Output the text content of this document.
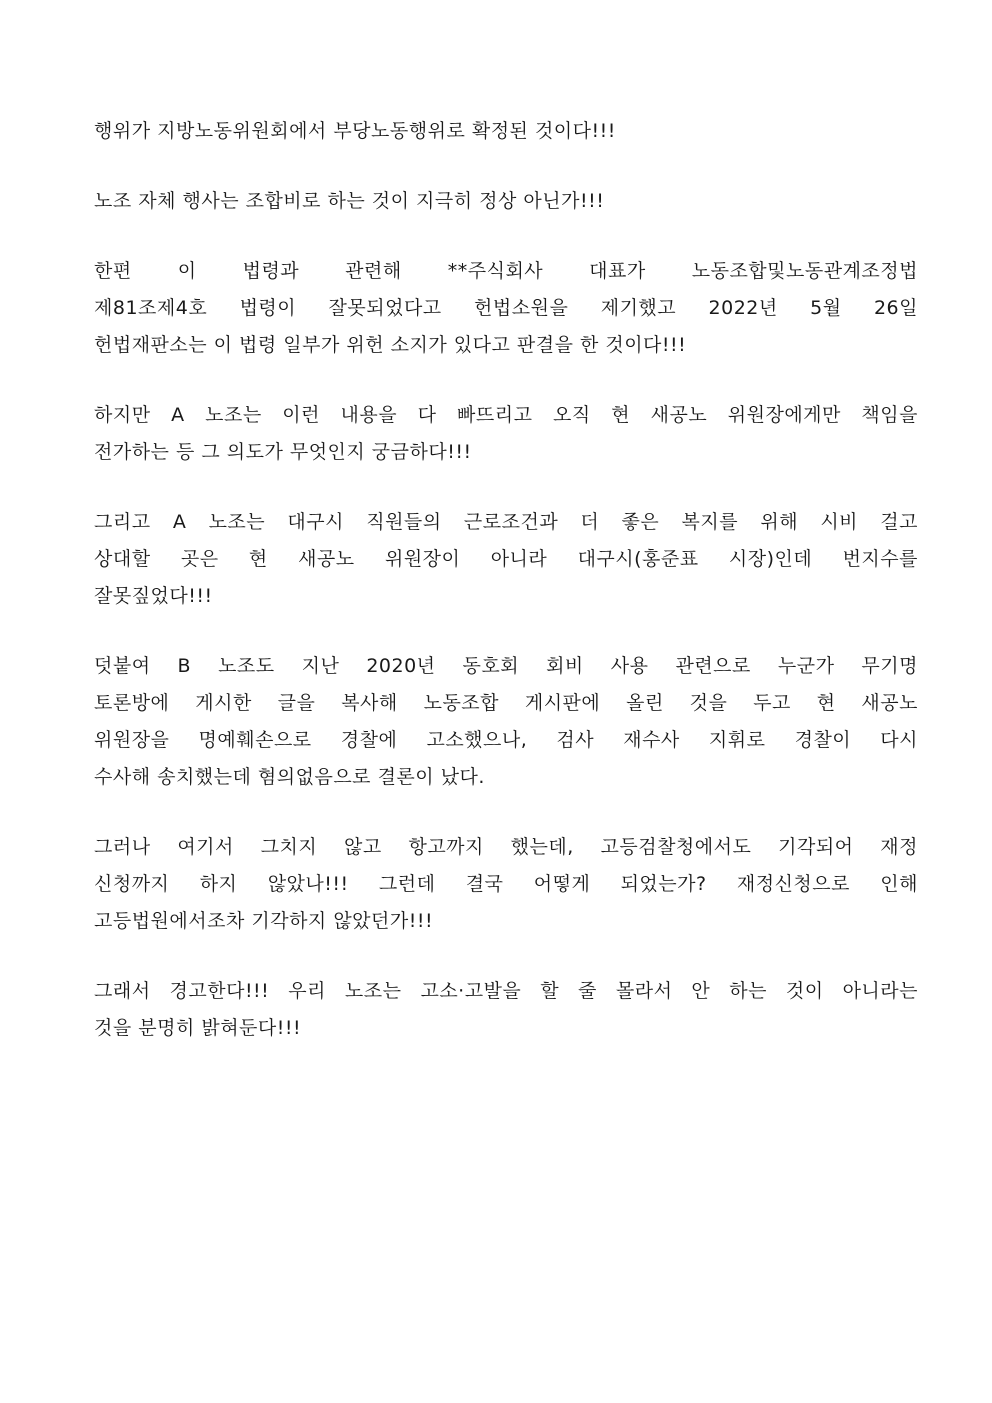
행위가 지방노동위원회에서 부당노동행위로 확정된 것이다!!!

노조 자체 행사는 조합비로 하는 것이 지극히 정상 아닌가!!!

한편 이 법령과 관련해 **주식회사 대표가 노동조합및노동관계조정법
제81조제4호 법령이 잘못되었다고 헌법소원을 제기했고 2022년 5월 26일
헌법재판소는 이 법령 일부가 위헌 소지가 있다고 판결을 한 것이다!!!

하지만 A 노조는 이런 내용을 다 빠뜨리고 오직 현 새공노 위원장에게만 책임을
전가하는 등 그 의도가 무엇인지 궁금하다!!!

그리고 A 노조는 대구시 직원들의 근로조건과 더 좋은 복지를 위해 시비 걸고
상대할 곳은 현 새공노 위원장이 아니라 대구시(홍준표 시장)인데 번지수를
잘못짚었다!!!

덧붙여 B 노조도 지난 2020년 동호회 회비 사용 관련으로 누군가 무기명
토론방에 게시한 글을 복사해 노동조합 게시판에 올린 것을 두고 현 새공노
위원장을 명예훼손으로 경찰에 고소했으나, 검사 재수사 지휘로 경찰이 다시
수사해 송치했는데 혐의없음으로 결론이 났다.

그러나 여기서 그치지 않고 항고까지 했는데, 고등검찰청에서도 기각되어 재정
신청까지 하지 않았나!!! 그런데 결국 어떻게 되었는가? 재정신청으로 인해
고등법원에서조차 기각하지 않았던가!!!

그래서 경고한다!!! 우리 노조는 고소·고발을 할 줄 몰라서 안 하는 것이 아니라는
것을 분명히 밝혀둔다!!!
